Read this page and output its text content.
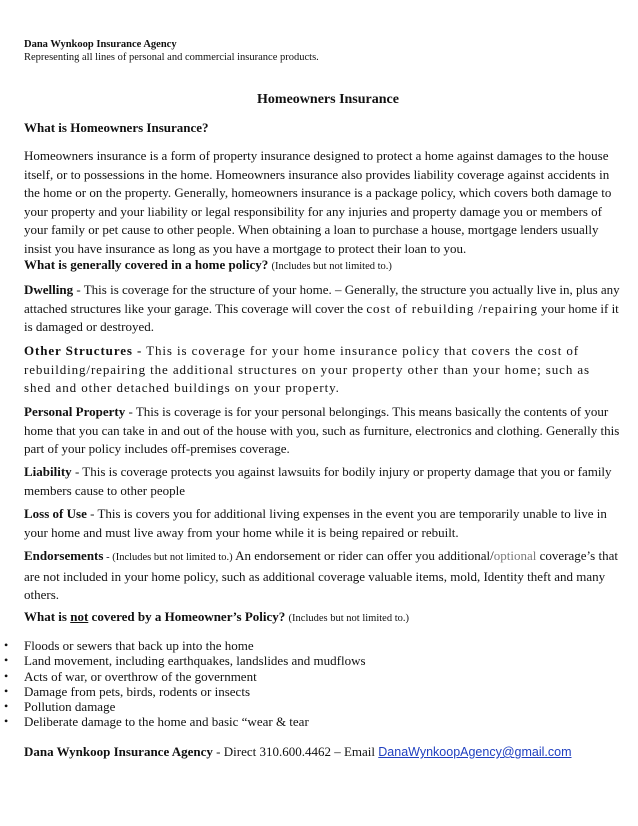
Dana Wynkoop Insurance Agency
Representing all lines of personal and commercial insurance products.
Homeowners Insurance
What is Homeowners Insurance?
Homeowners insurance is a form of property insurance designed to protect a home against damages to the house itself, or to possessions in the home. Homeowners insurance also provides liability coverage against accidents in the home or on the property. Generally, homeowners insurance is a package policy, which covers both damage to your property and your liability or legal responsibility for any injuries and property damage you or members of your family or pet cause to other people. When obtaining a loan to purchase a house, mortgage lenders usually insist you have insurance as long as you have a mortgage to protect their loan to you.
What is generally covered in a home policy? (Includes but not limited to.)
Dwelling - This is coverage for the structure of your home. – Generally, the structure you actually live in, plus any attached structures like your garage. This coverage will cover the cost of rebuilding /repairing your home if it is damaged or destroyed.
Other Structures - This is coverage for your home insurance policy that covers the cost of rebuilding/repairing the additional structures on your property other than your home; such as shed and other detached buildings on your property.
Personal Property - This is coverage is for your personal belongings. This means basically the contents of your home that you can take in and out of the house with you, such as furniture, electronics and clothing. Generally this part of your policy includes off-premises coverage.
Liability - This is coverage protects you against lawsuits for bodily injury or property damage that you or family members cause to other people
Loss of Use - This is covers you for additional living expenses in the event you are temporarily unable to live in your home and must live away from your home while it is being repaired or rebuilt.
Endorsements - (Includes but not limited to.) An endorsement or rider can offer you additional/optional coverage’s that are not included in your home policy, such as additional coverage valuable items, mold, Identity theft and many others.
What is not covered by a Homeowner’s Policy? (Includes but not limited to.)
• Floods or sewers that back up into the home
• Land movement, including earthquakes, landslides and mudflows
• Acts of war, or overthrow of the government
• Damage from pets, birds, rodents or insects
• Pollution damage
• Deliberate damage to the home and basic “wear & tear
Dana Wynkoop Insurance Agency - Direct 310.600.4462 – Email DanaWynkoopAgency@gmail.com
